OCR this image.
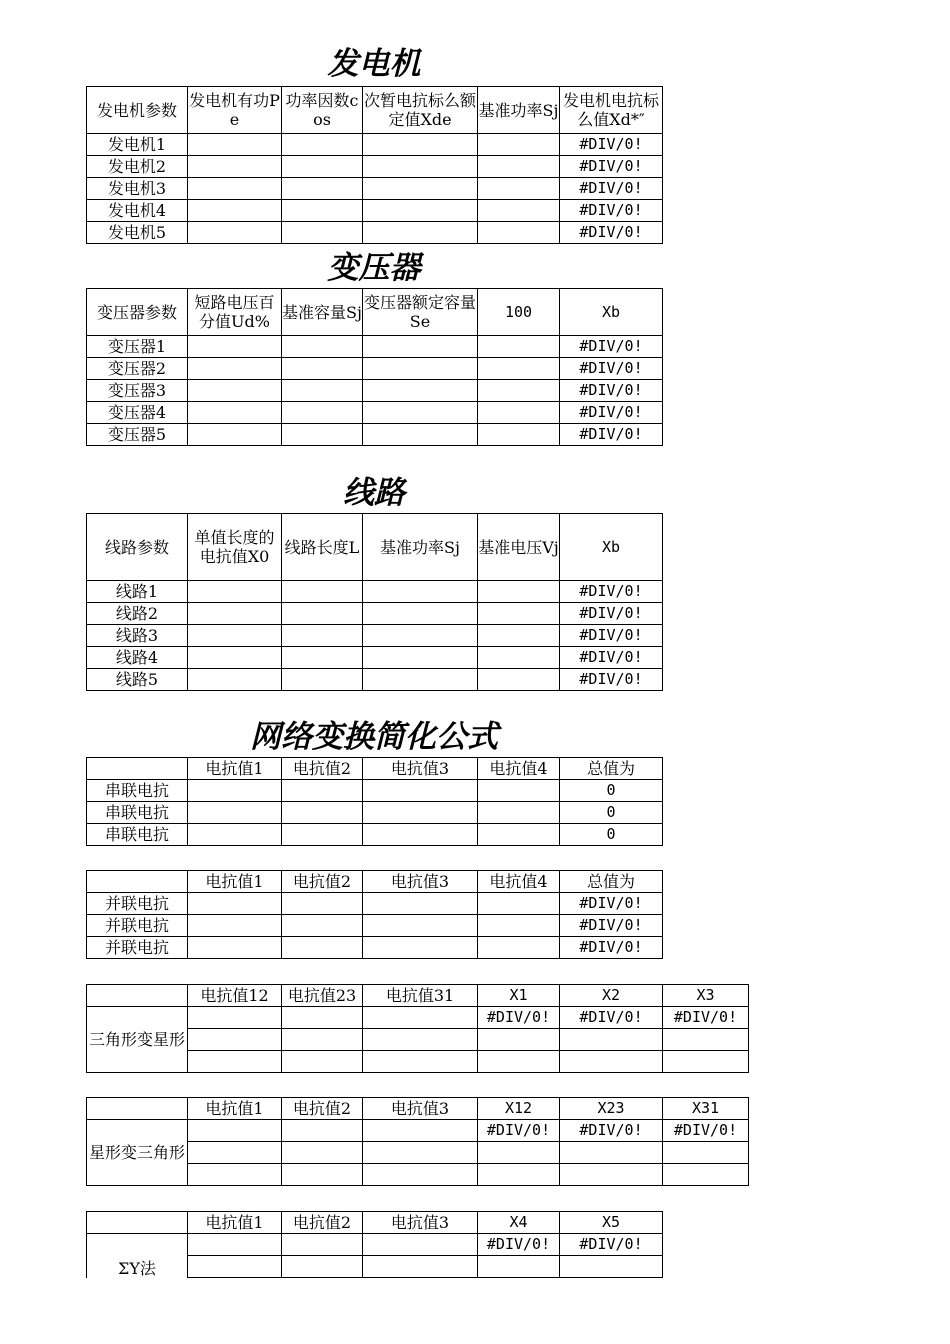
发电机
发电机参数	发电机有功Pe	功率因数cos	次暂电抗标么额定值Xde	基准功率Sj	发电机电抗标么值Xd*″
发电机1					#DIV/0!
发电机2					#DIV/0!
发电机3					#DIV/0!
发电机4					#DIV/0!
发电机5					#DIV/0!
变压器
变压器参数	短路电压百分值Ud%	基准容量Sj	变压器额定容量Se	100	Xb
变压器1					#DIV/0!
变压器2					#DIV/0!
变压器3					#DIV/0!
变压器4					#DIV/0!
变压器5					#DIV/0!
线路
线路参数	单值长度的电抗值X0	线路长度L	基准功率Sj	基准电压Vj	Xb
线路1					#DIV/0!
线路2					#DIV/0!
线路3					#DIV/0!
线路4					#DIV/0!
线路5					#DIV/0!
网络变换简化公式
	电抗值1	电抗值2	电抗值3	电抗值4	总值为
串联电抗					0
串联电抗					0
串联电抗					0
	电抗值1	电抗值2	电抗值3	电抗值4	总值为
并联电抗					#DIV/0!
并联电抗					#DIV/0!
并联电抗					#DIV/0!
	电抗值12	电抗值23	电抗值31	X1	X2	X3
三角形变星形				#DIV/0!	#DIV/0!	#DIV/0!

	电抗值1	电抗值2	电抗值3	X12	X23	X31
星形变三角形				#DIV/0!	#DIV/0!	#DIV/0!

	电抗值1	电抗值2	电抗值3	X4	X5
ΣY法				#DIV/0!	#DIV/0!
